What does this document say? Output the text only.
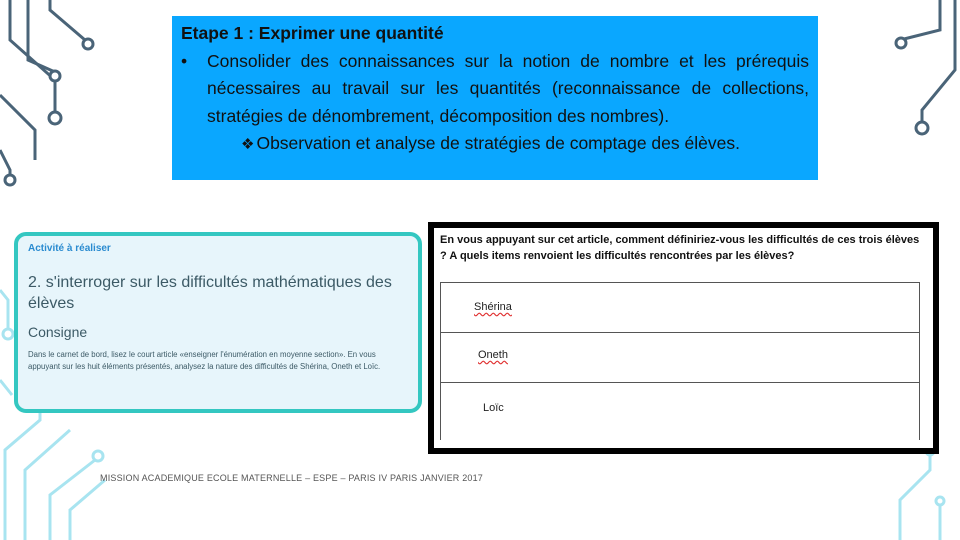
Etape 1 : Exprimer une quantité
•	Consolider des connaissances sur la notion de nombre et les prérequis nécessaires au travail sur les quantités (reconnaissance de collections, stratégies de dénombrement, décomposition des nombres).
❖ Observation et analyse de stratégies de comptage des élèves.
Activité à réaliser
2. s'interroger sur les difficultés mathématiques des élèves
Consigne
Dans le carnet de bord, lisez le court article «enseigner l'énumération en moyenne section». En vous appuyant sur les huit éléments présentés, analysez la nature des difficultés de Shérina, Oneth et Loïc.
En vous appuyant sur cet article, comment définiriez-vous les difficultés de ces trois élèves ? A quels items renvoient les difficultés rencontrées par les élèves?
Shérina
Oneth
Loïc
MISSION ACADEMIQUE ECOLE MATERNELLE – ESPE – PARIS IV PARIS JANVIER 2017
